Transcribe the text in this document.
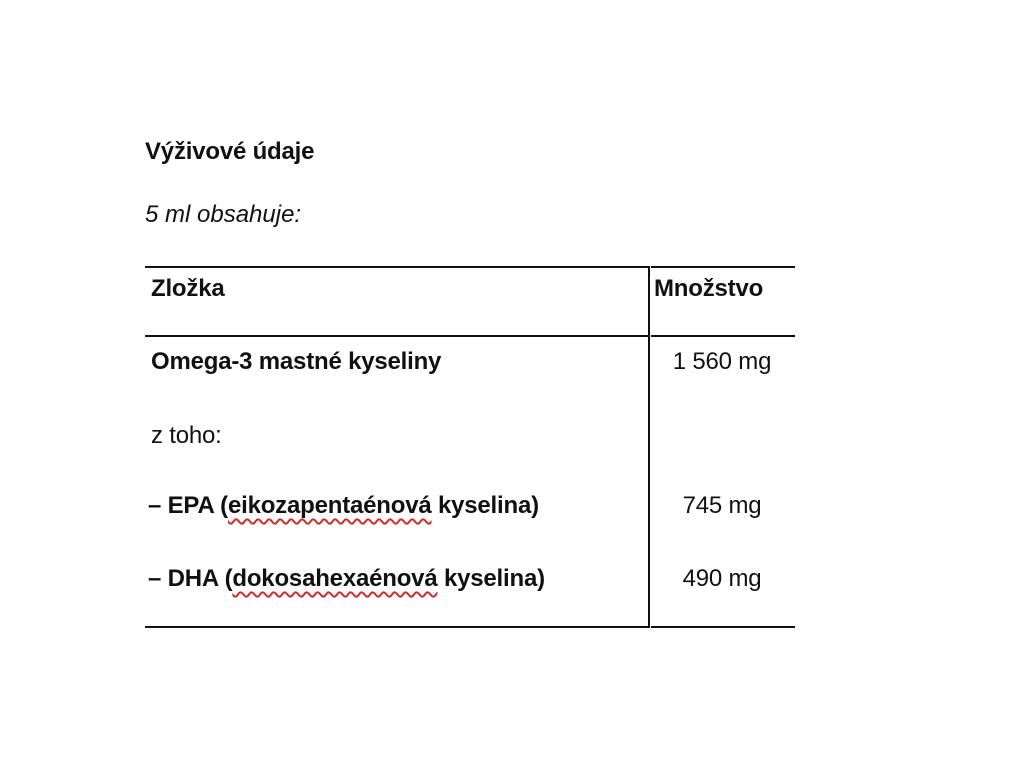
Výživové údaje
5 ml obsahuje:
Zložka	Množstvo
Omega-3 mastné kyseliny	1 560 mg
z toho:
– EPA (eikozapentaénová kyselina)	745 mg
– DHA (dokosahexaénová kyselina)	490 mg
